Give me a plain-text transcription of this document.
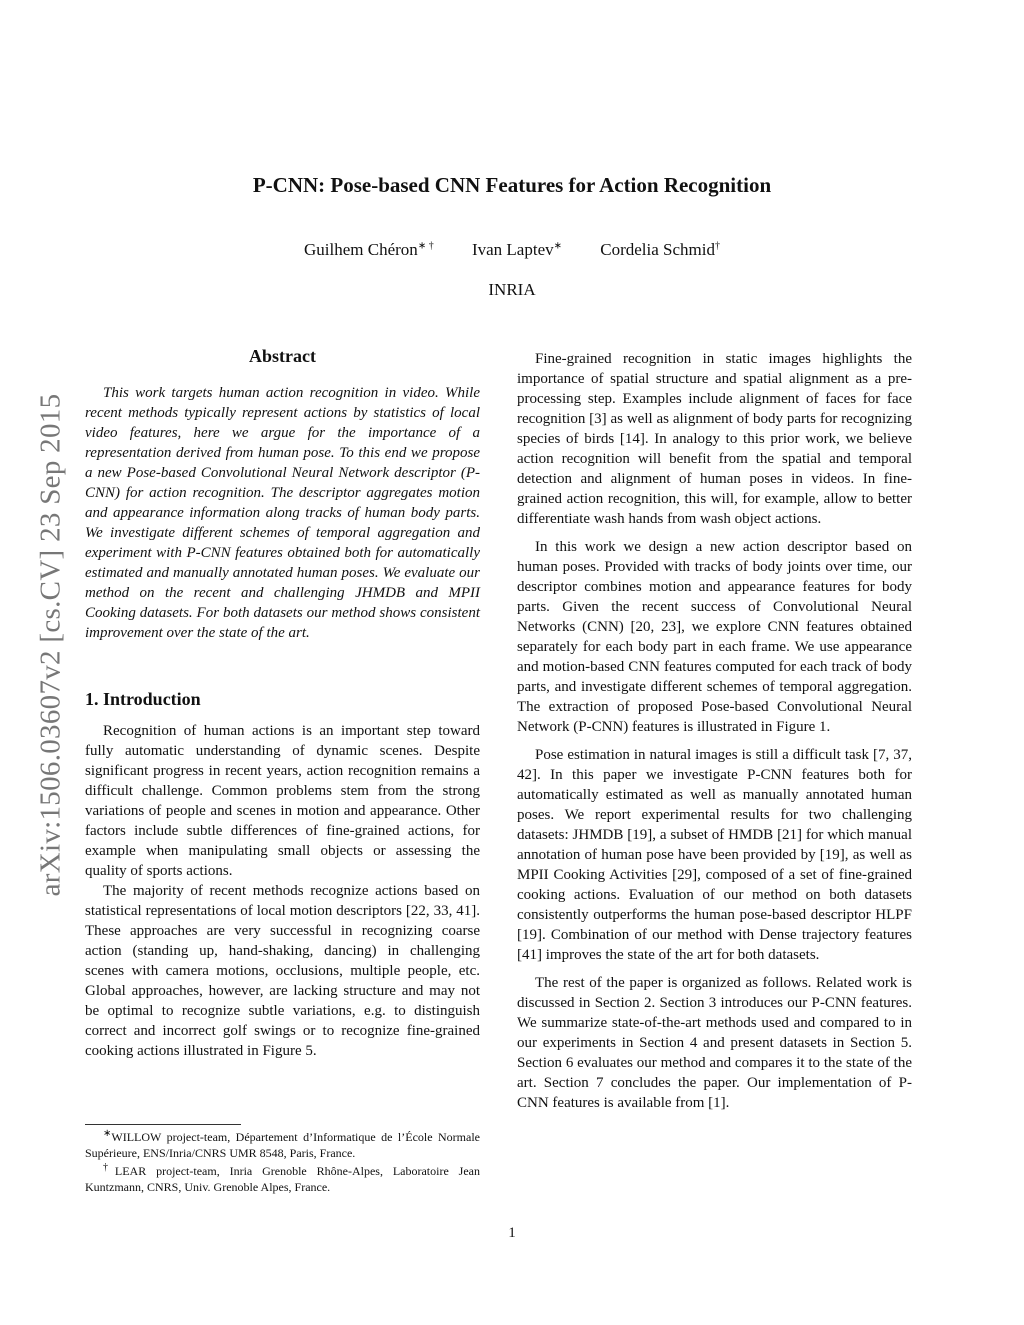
arXiv:1506.03607v2 [cs.CV] 23 Sep 2015
P-CNN: Pose-based CNN Features for Action Recognition
Guilhem Chéron∗ † Ivan Laptev∗ Cordelia Schmid†
INRIA
Abstract

This work targets human action recognition in video. While recent methods typically represent actions by statistics of local video features, here we argue for the importance of a representation derived from human pose. To this end we propose a new Pose-based Convolutional Neural Network descriptor (P-CNN) for action recognition. The descriptor aggregates motion and appearance information along tracks of human body parts. We investigate different schemes of temporal aggregation and experiment with P-CNN features obtained both for automatically estimated and manually annotated human poses. We evaluate our method on the recent and challenging JHMDB and MPII Cooking datasets. For both datasets our method shows consistent improvement over the state of the art.

1. Introduction

Recognition of human actions is an important step toward fully automatic understanding of dynamic scenes. Despite significant progress in recent years, action recognition remains a difficult challenge. Common problems stem from the strong variations of people and scenes in motion and appearance. Other factors include subtle differences of fine-grained actions, for example when manipulating small objects or assessing the quality of sports actions.

The majority of recent methods recognize actions based on statistical representations of local motion descriptors [22, 33, 41]. These approaches are very successful in recognizing coarse action (standing up, hand-shaking, dancing) in challenging scenes with camera motions, occlusions, multiple people, etc. Global approaches, however, are lacking structure and may not be optimal to recognize subtle variations, e.g. to distinguish correct and incorrect golf swings or to recognize fine-grained cooking actions illustrated in Figure 5.

Fine-grained recognition in static images highlights the importance of spatial structure and spatial alignment as a pre-processing step. Examples include alignment of faces for face recognition [3] as well as alignment of body parts for recognizing species of birds [14]. In analogy to this prior work, we believe action recognition will benefit from the spatial and temporal detection and alignment of human poses in videos. In fine-grained action recognition, this will, for example, allow to better differentiate wash hands from wash object actions.

In this work we design a new action descriptor based on human poses. Provided with tracks of body joints over time, our descriptor combines motion and appearance features for body parts. Given the recent success of Convolutional Neural Networks (CNN) [20, 23], we explore CNN features obtained separately for each body part in each frame. We use appearance and motion-based CNN features computed for each track of body parts, and investigate different schemes of temporal aggregation. The extraction of proposed Pose-based Convolutional Neural Network (P-CNN) features is illustrated in Figure 1.

Pose estimation in natural images is still a difficult task [7, 37, 42]. In this paper we investigate P-CNN features both for automatically estimated as well as manually annotated human poses. We report experimental results for two challenging datasets: JHMDB [19], a subset of HMDB [21] for which manual annotation of human pose have been provided by [19], as well as MPII Cooking Activities [29], composed of a set of fine-grained cooking actions. Evaluation of our method on both datasets consistently outperforms the human pose-based descriptor HLPF [19]. Combination of our method with Dense trajectory features [41] improves the state of the art for both datasets.

The rest of the paper is organized as follows. Related work is discussed in Section 2. Section 3 introduces our P-CNN features. We summarize state-of-the-art methods used and compared to in our experiments in Section 4 and present datasets in Section 5. Section 6 evaluates our method and compares it to the state of the art. Section 7 concludes the paper. Our implementation of P-CNN features is available from [1].

∗WILLOW project-team, Département d’Informatique de l’École Normale Supérieure, ENS/Inria/CNRS UMR 8548, Paris, France.
†LEAR project-team, Inria Grenoble Rhône-Alpes, Laboratoire Jean Kuntzmann, CNRS, Univ. Grenoble Alpes, France.
1
